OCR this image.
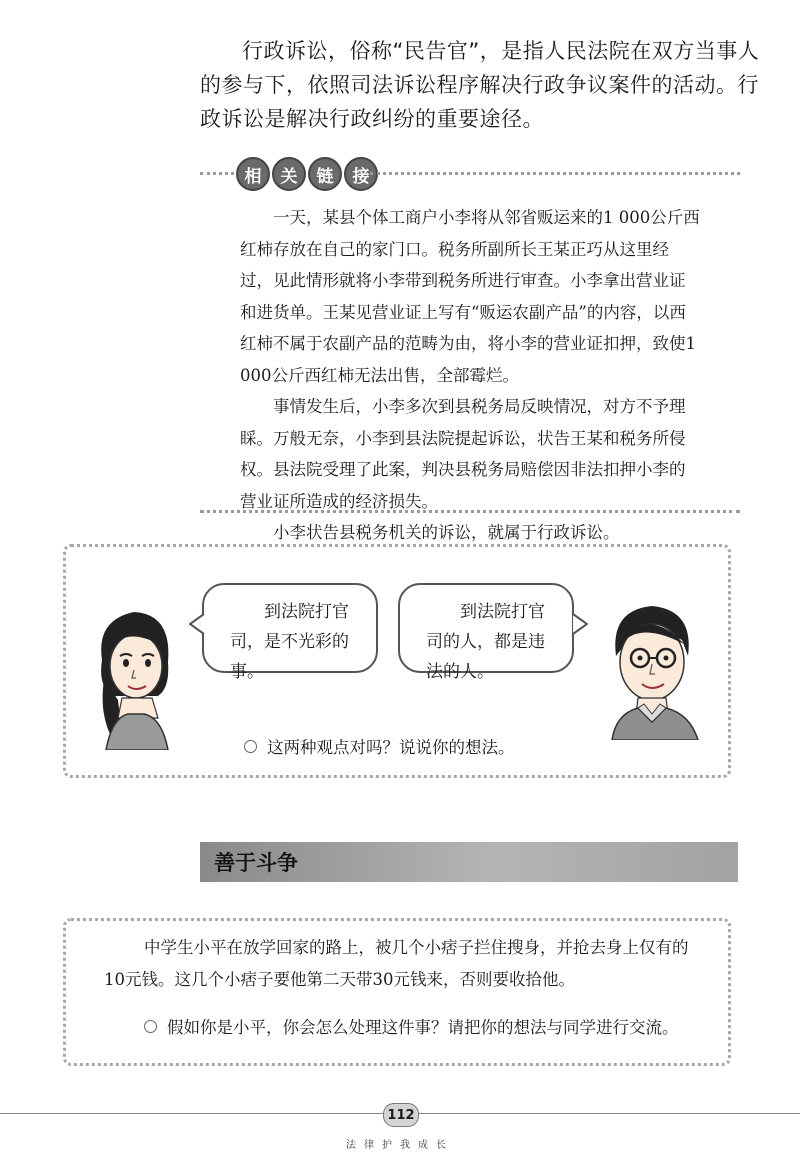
行政诉讼，俗称“民告官”，是指人民法院在双方当事人的参与下，依照司法诉讼程序解决行政争议案件的活动。行政诉讼是解决行政纠纷的重要途径。

相	关	链	接

一天，某县个体工商户小李将从邻省贩运来的1 000公斤西红柿存放在自己的家门口。税务所副所长王某正巧从这里经过，见此情形就将小李带到税务所进行审查。小李拿出营业证和进货单。王某见营业证上写有“贩运农副产品”的内容，以西红柿不属于农副产品的范畴为由，将小李的营业证扣押，致使1 000公斤西红柿无法出售，全部霉烂。

事情发生后，小李多次到县税务局反映情况，对方不予理睬。万般无奈，小李到县法院提起诉讼，状告王某和税务所侵权。县法院受理了此案，判决县税务局赔偿因非法扣押小李的营业证所造成的经济损失。

小李状告县税务机关的诉讼，就属于行政诉讼。

到法院打官司，是不光彩的事。

到法院打官司的人，都是违法的人。

这两种观点对吗？说说你的想法。
善于斗争

中学生小平在放学回家的路上，被几个小痞子拦住搜身，并抢去身上仅有的10元钱。这几个小痞子要他第二天带30元钱来，否则要收拾他。

假如你是小平，你会怎么处理这件事？请把你的想法与同学进行交流。
112
法律护我成长
